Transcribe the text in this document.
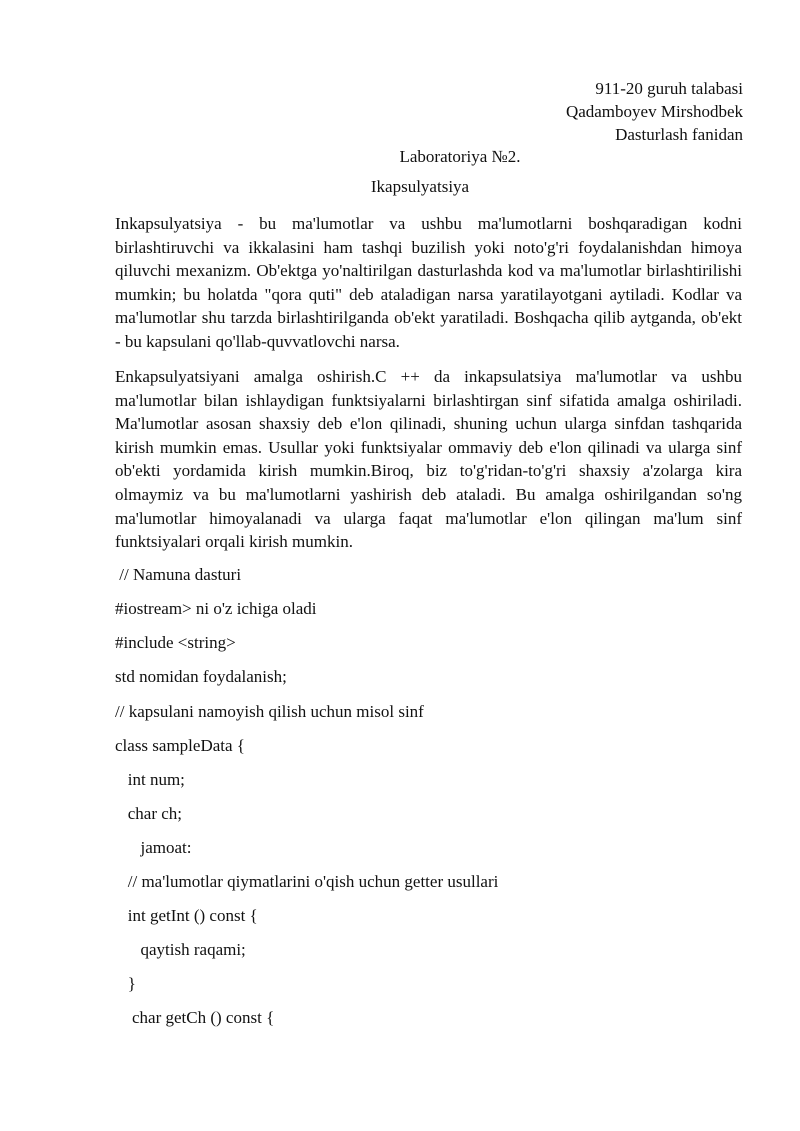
911-20 guruh talabasi
Qadamboyev Mirshodbek
Dasturlash fanidan
Laboratoriya №2.
Ikapsulyatsiya

Inkapsulyatsiya - bu ma'lumotlar va ushbu ma'lumotlarni boshqaradigan kodni birlashtiruvchi va ikkalasini ham tashqi buzilish yoki noto'g'ri foydalanishdan himoya qiluvchi mexanizm. Ob'ektga yo'naltirilgan dasturlashda kod va ma'lumotlar birlashtirilishi mumkin; bu holatda "qora quti" deb ataladigan narsa yaratilayotgani aytiladi. Kodlar va ma'lumotlar shu tarzda birlashtirilganda ob'ekt yaratiladi. Boshqacha qilib aytganda, ob'ekt - bu kapsulani qo'llab-quvvatlovchi narsa.

Enkapsulyatsiyani amalga oshirish.C ++ da inkapsulatsiya ma'lumotlar va ushbu ma'lumotlar bilan ishlaydigan funktsiyalarni birlashtirgan sinf sifatida amalga oshiriladi. Ma'lumotlar asosan shaxsiy deb e'lon qilinadi, shuning uchun ularga sinfdan tashqarida kirish mumkin emas. Usullar yoki funktsiyalar ommaviy deb e'lon qilinadi va ularga sinf ob'ekti yordamida kirish mumkin.Biroq, biz to'g'ridan-to'g'ri shaxsiy a'zolarga kira olmaymiz va bu ma'lumotlarni yashirish deb ataladi. Bu amalga oshirilgandan so'ng ma'lumotlar himoyalanadi va ularga faqat ma'lumotlar e'lon qilingan ma'lum sinf funktsiyalari orqali kirish mumkin.

// Namuna dasturi
#iostream> ni o'z ichiga oladi
#include <string>
std nomidan foydalanish;
// kapsulani namoyish qilish uchun misol sinf
class sampleData {
int num;
char ch;
jamoat:
// ma'lumotlar qiymatlarini o'qish uchun getter usullari
int getInt () const {
qaytish raqami;
}
char getCh () const {
